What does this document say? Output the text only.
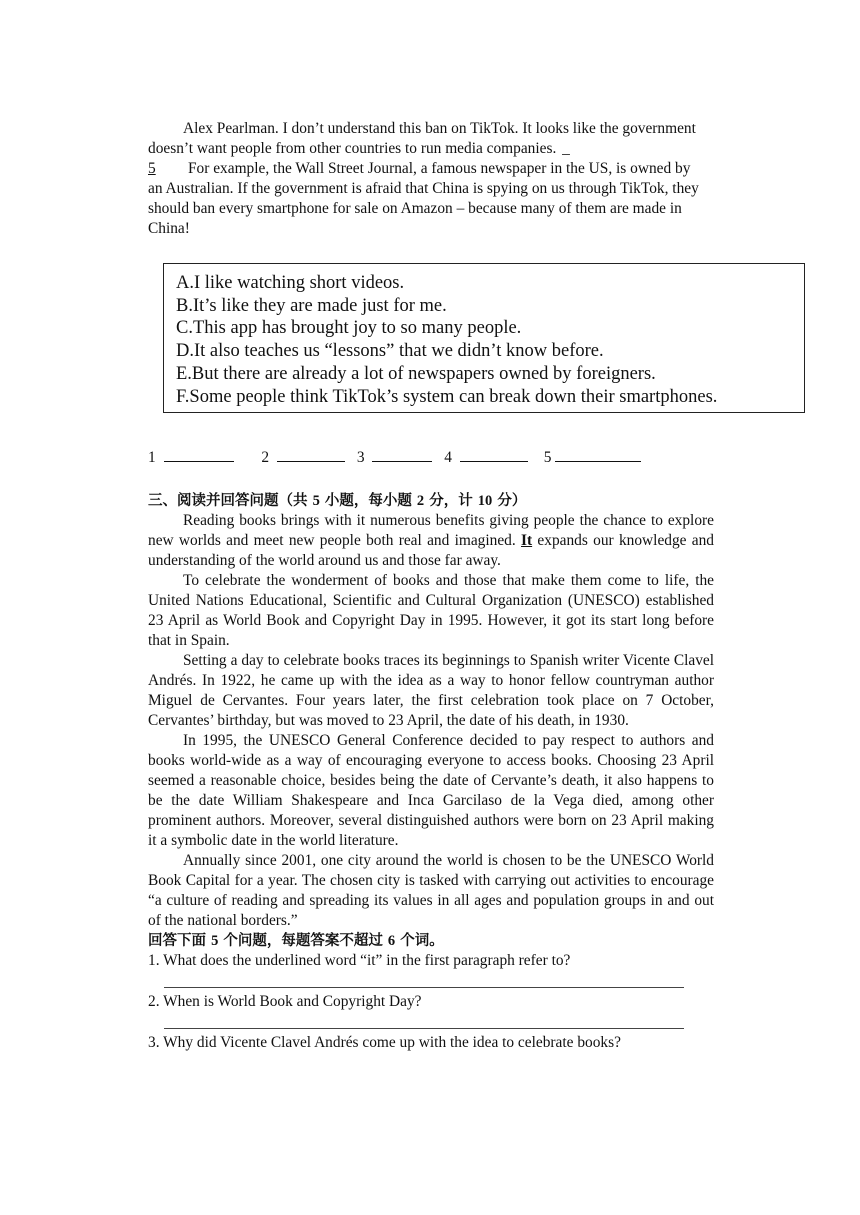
Alex Pearlman. I don’t understand this ban on TikTok. It looks like the government doesn’t want people from other countries to run media companies. _
5 For example, the Wall Street Journal, a famous newspaper in the US, is owned by an Australian. If the government is afraid that China is spying on us through TikTok, they should ban every smartphone for sale on Amazon – because many of them are made in China!

A.I like watching short videos.
B.It’s like they are made just for me.
C.This app has brought joy to so many people.
D.It also teaches us “lessons” that we didn’t know before.
E.But there are already a lot of newspapers owned by foreigners.
F.Some people think TikTok’s system can break down their smartphones.
1	2	3	4	5
三、阅读并回答问题（共 5 小题，每小题 2 分，计 10 分）

Reading books brings with it numerous benefits giving people the chance to explore new worlds and meet new people both real and imagined. It expands our knowledge and understanding of the world around us and those far away.

To celebrate the wonderment of books and those that make them come to life, the United Nations Educational, Scientific and Cultural Organization (UNESCO) established 23 April as World Book and Copyright Day in 1995. However, it got its start long before that in Spain.

Setting a day to celebrate books traces its beginnings to Spanish writer Vicente Clavel Andrés. In 1922, he came up with the idea as a way to honor fellow countryman author Miguel de Cervantes. Four years later, the first celebration took place on 7 October, Cervantes’ birthday, but was moved to 23 April, the date of his death, in 1930.

In 1995, the UNESCO General Conference decided to pay respect to authors and books world-wide as a way of encouraging everyone to access books. Choosing 23 April seemed a reasonable choice, besides being the date of Cervante’s death, it also happens to be the date William Shakespeare and Inca Garcilaso de la Vega died, among other prominent authors. Moreover, several distinguished authors were born on 23 April making it a symbolic date in the world literature.

Annually since 2001, one city around the world is chosen to be the UNESCO World Book Capital for a year. The chosen city is tasked with carrying out activities to encourage “a culture of reading and spreading its values in all ages and population groups in and out of the national borders.”

回答下面 5 个问题，每题答案不超过 6 个词。
1. What does the underlined word “it” in the first paragraph refer to?
2. When is World Book and Copyright Day?
3. Why did Vicente Clavel Andrés come up with the idea to celebrate books?
